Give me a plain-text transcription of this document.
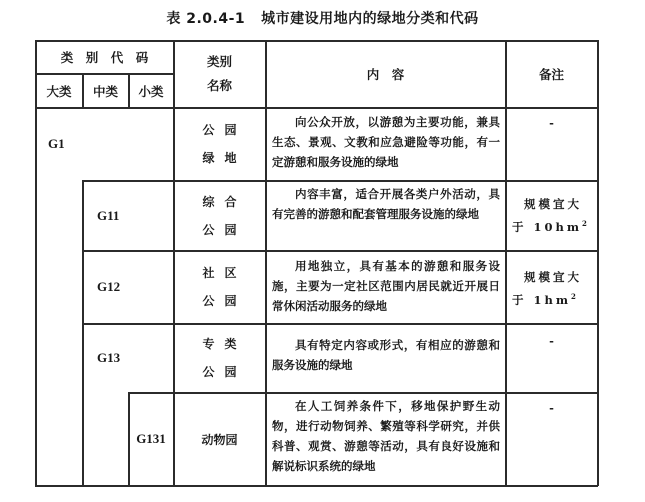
表 2.0.4-1 城市建设用地内的绿地分类和代码
类　别　代　码
大类 中类 小类
类别
名称
内　容	备注
G1
公园
绿地
向公众开放，以游憩为主要功能，兼具生态、景观、文教和应急避险等功能，有一定游憩和服务设施的绿地
-
G11
综合
公园
内容丰富，适合开展各类户外活动，具有完善的游憩和配套管理服务设施的绿地
规模宜大于 $10hm^2$
G12
社区
公园
用地独立，具有基本的游憩和服务设施，主要为一定社区范围内居民就近开展日常休闲活动服务的绿地
规模宜大于 $1hm^2$
G13
专类
公园
具有特定内容或形式，有相应的游憩和服务设施的绿地
-
G131	动物园
在人工饲养条件下，移地保护野生动物，进行动物饲养、繁殖等科学研究，并供科普、观赏、游憩等活动，具有良好设施和解说标识系统的绿地
-
